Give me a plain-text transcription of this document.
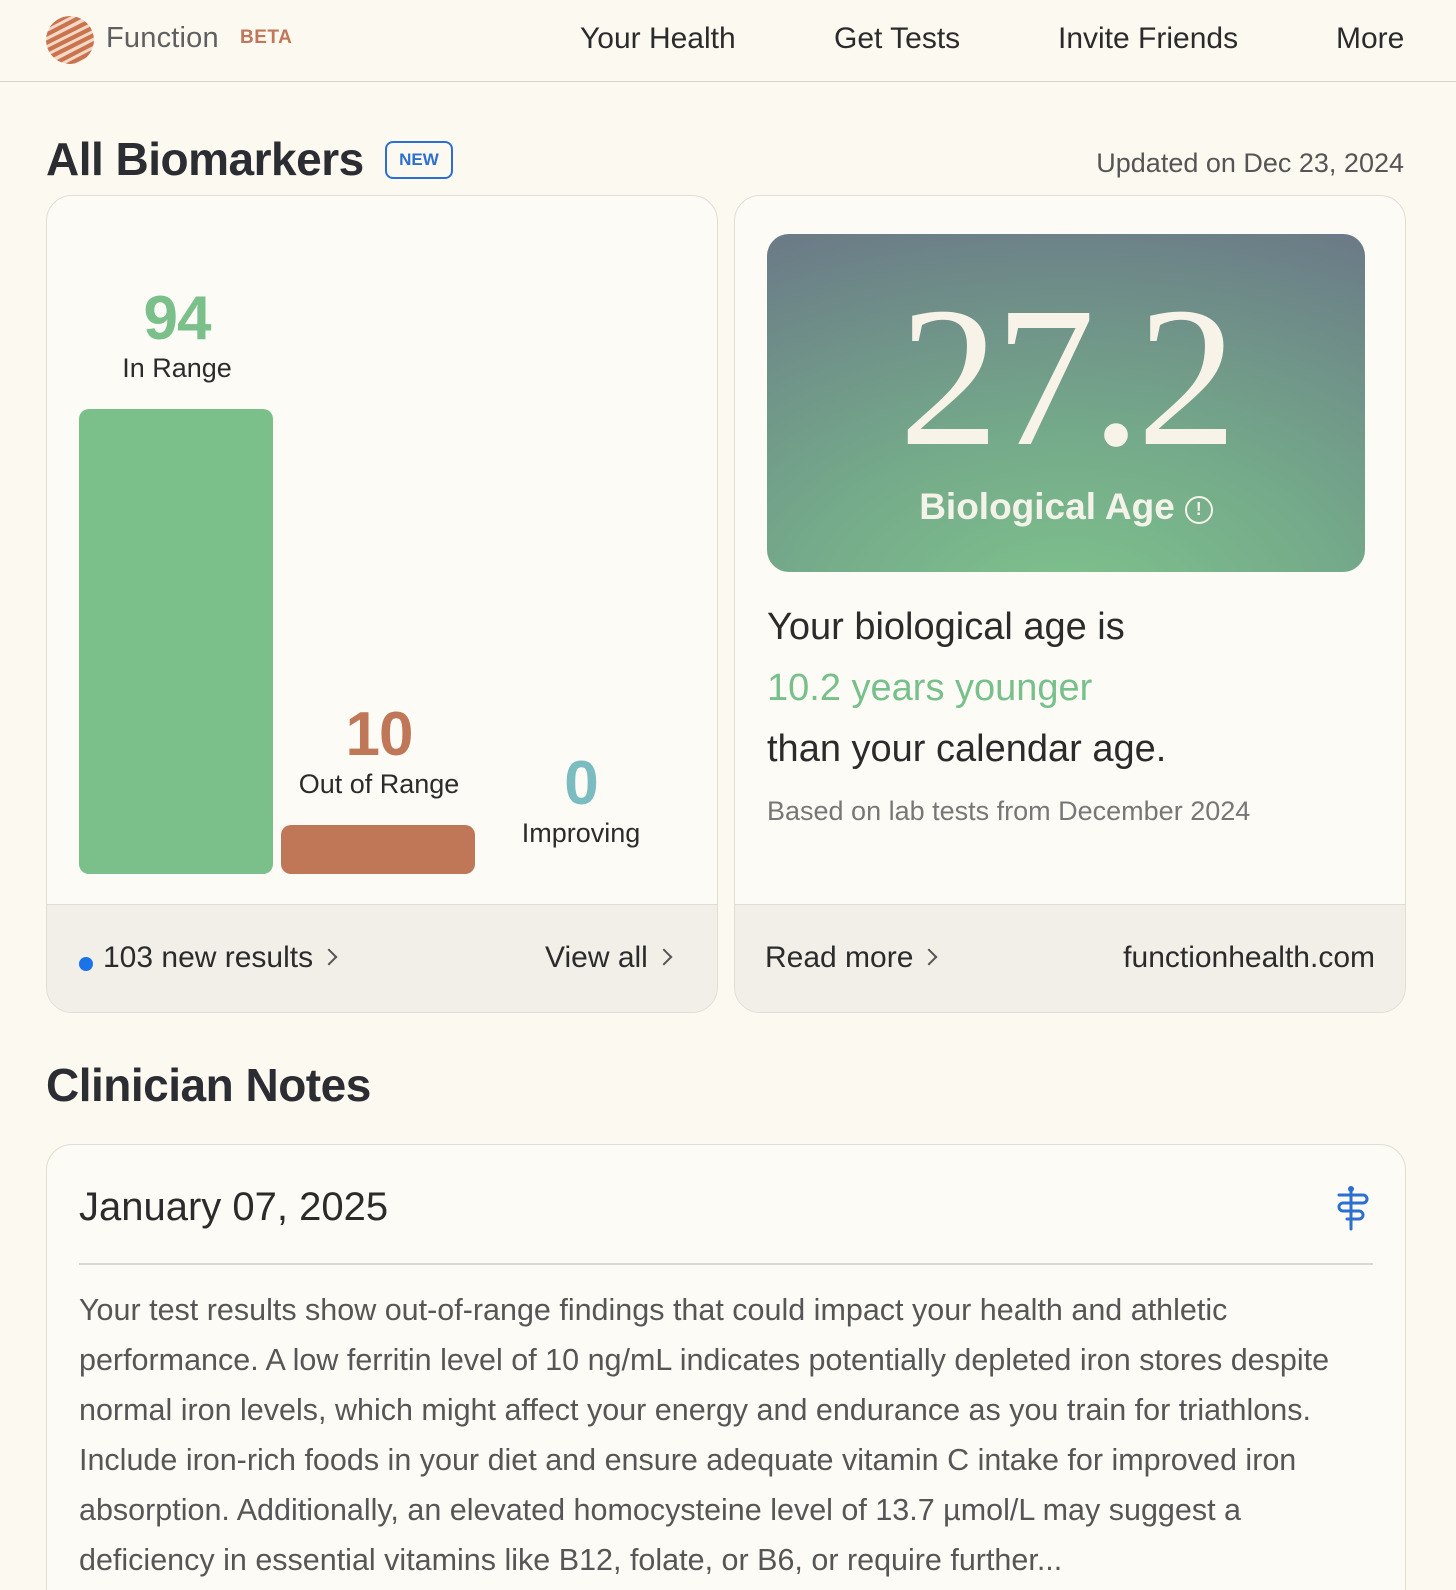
Function BETA	Your Health	Get Tests	Invite Friends	More
All Biomarkers	NEW	Updated on Dec 23, 2024
In Range
94
Out of Range
10
Improving
0
103 new results	View all
27.2
Biological Age !
Your biological age is
10.2 years younger
than your calendar age.
Based on lab tests from December 2024
Read more	functionhealth.com
Clinician Notes
January 07, 2025

Your test results show out-of-range findings that could impact your health and athletic performance. A low ferritin level of 10 ng/mL indicates potentially depleted iron stores despite normal iron levels, which might affect your energy and endurance as you train for triathlons. Include iron-rich foods in your diet and ensure adequate vitamin C intake for improved iron absorption. Additionally, an elevated homocysteine level of 13.7 µmol/L may suggest a deficiency in essential vitamins like B12, folate, or B6, or require further...
